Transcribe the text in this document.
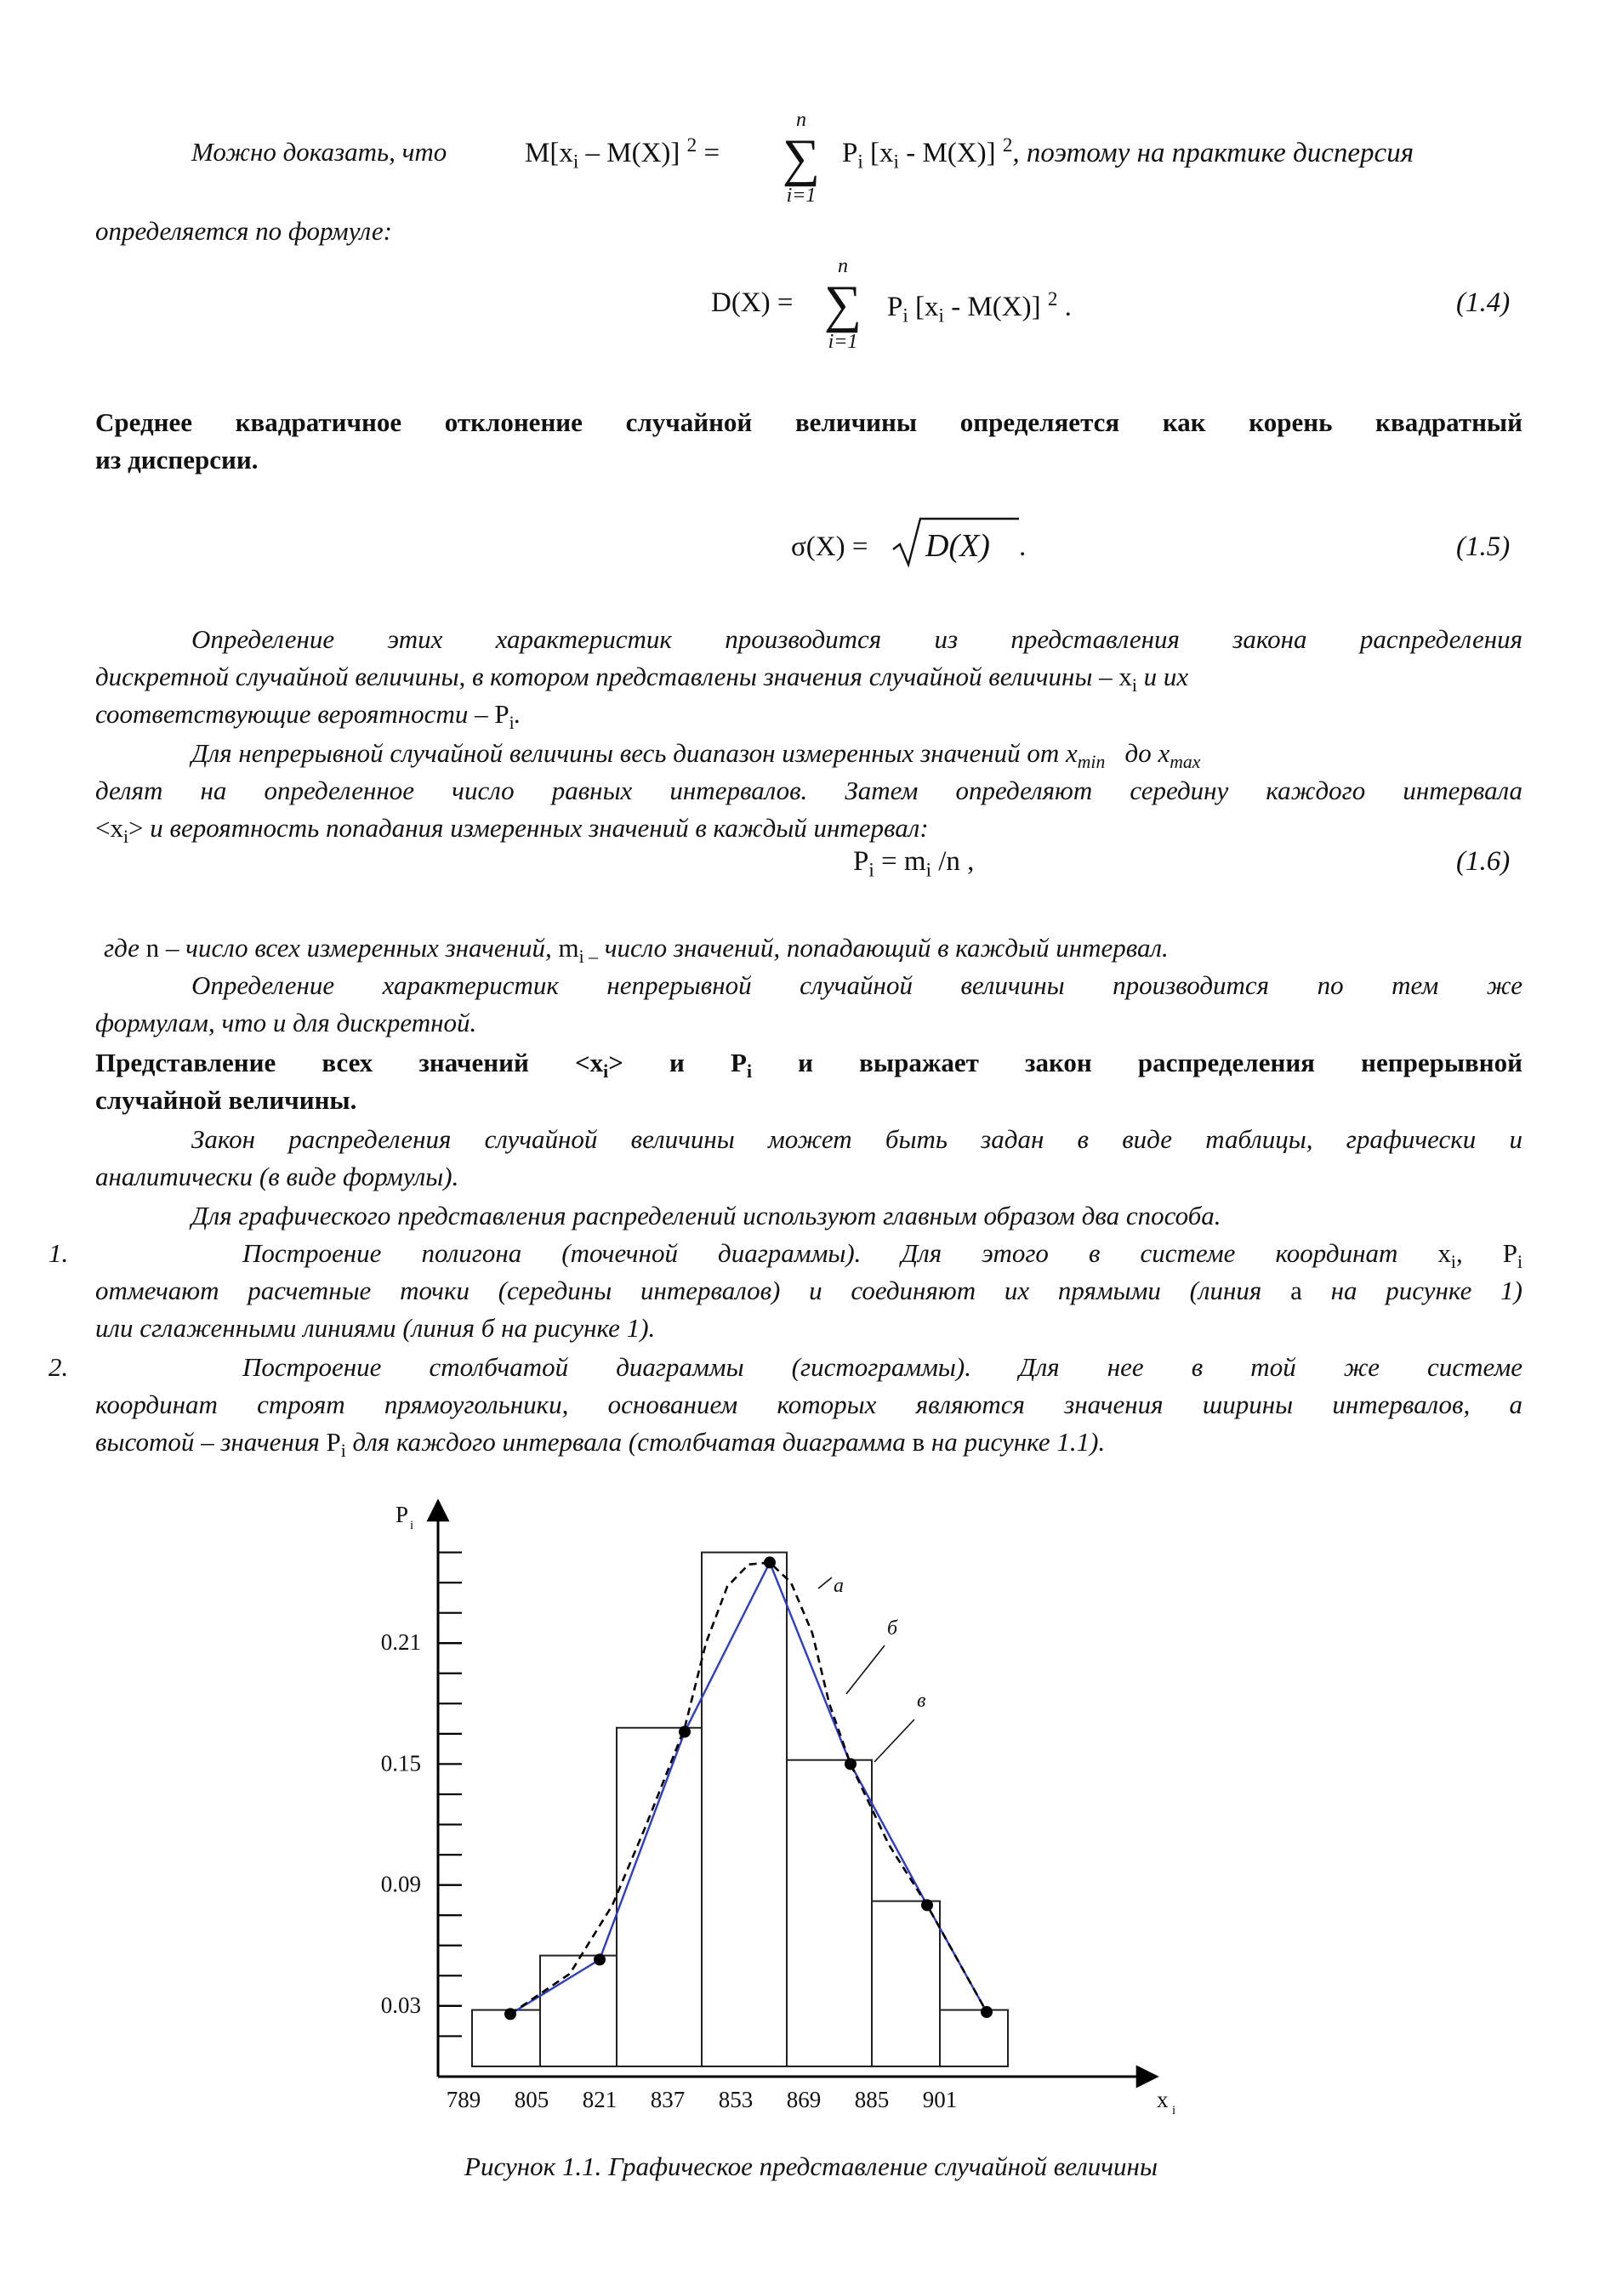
Можно доказать, что	$M[x_i - M(X)] ^2$ =
n
∑
i=1
$P_i$ $[x_i - M(X)]$ $^2$, поэтому на практике дисперсия
определяется по формуле:
D(X) =
n
∑
i=1
$P_i$ $[x_i - M(X)]$ $^2$ .	(1.4)
Среднее квадратичное отклонение случайной величины определяется как корень квадратный
из дисперсии.
σ(X) = D(X) .	(1.5)
Определение этих характеристик производится из представления закона распределения
дискретной случайной величины, в котором представлены значения случайной величины – $x_i$ и их
соответствующие вероятности – $P_i$.
Для непрерывной случайной величины весь диапазон измеренных значений от $x_{min}$ до $x_{max}$
делят на определенное число равных интервалов. Затем определяют середину каждого интервала
$<x_i> и$ вероятность попадания измеренных значений в каждый интервал:
$P_i = m_i$ /n ,	(1.6)
где n – число всех измеренных значений, $m_{i -}$ число значений, попадающий в каждый интервал.
Определение характеристик непрерывной случайной величины производится по тем же
формулам, что и для дискретной.
Представление всех значений $<x_i> и$ $P_i$ и выражает закон распределения непрерывной
случайной величины.
Закон распределения случайной величины может быть задан в виде таблицы, графически и
аналитически (в виде формулы).
Для графического представления распределений используют главным образом два способа.
1.	Построение полигона (точечной диаграммы). Для этого в системе координат $x_i$, $P_i$
отмечают расчетные точки (середины интервалов) и соединяют их прямыми (линия а на рисунке 1)
или сглаженными линиями (линия б на рисунке 1).
2.	Построение столбчатой диаграммы (гистограммы). Для нее в той же системе
координат строят прямоугольники, основанием которых являются значения ширины интервалов, а
высотой – значения $P_i$ для каждого интервала (столбчатая диаграмма в на рисунке 1.1).
0.03
0.09
0.15
0.21
789 805 821 837 853 869 885 901
P i
x i
а
б
в
Рисунок 1.1. Графическое представление случайной величины
